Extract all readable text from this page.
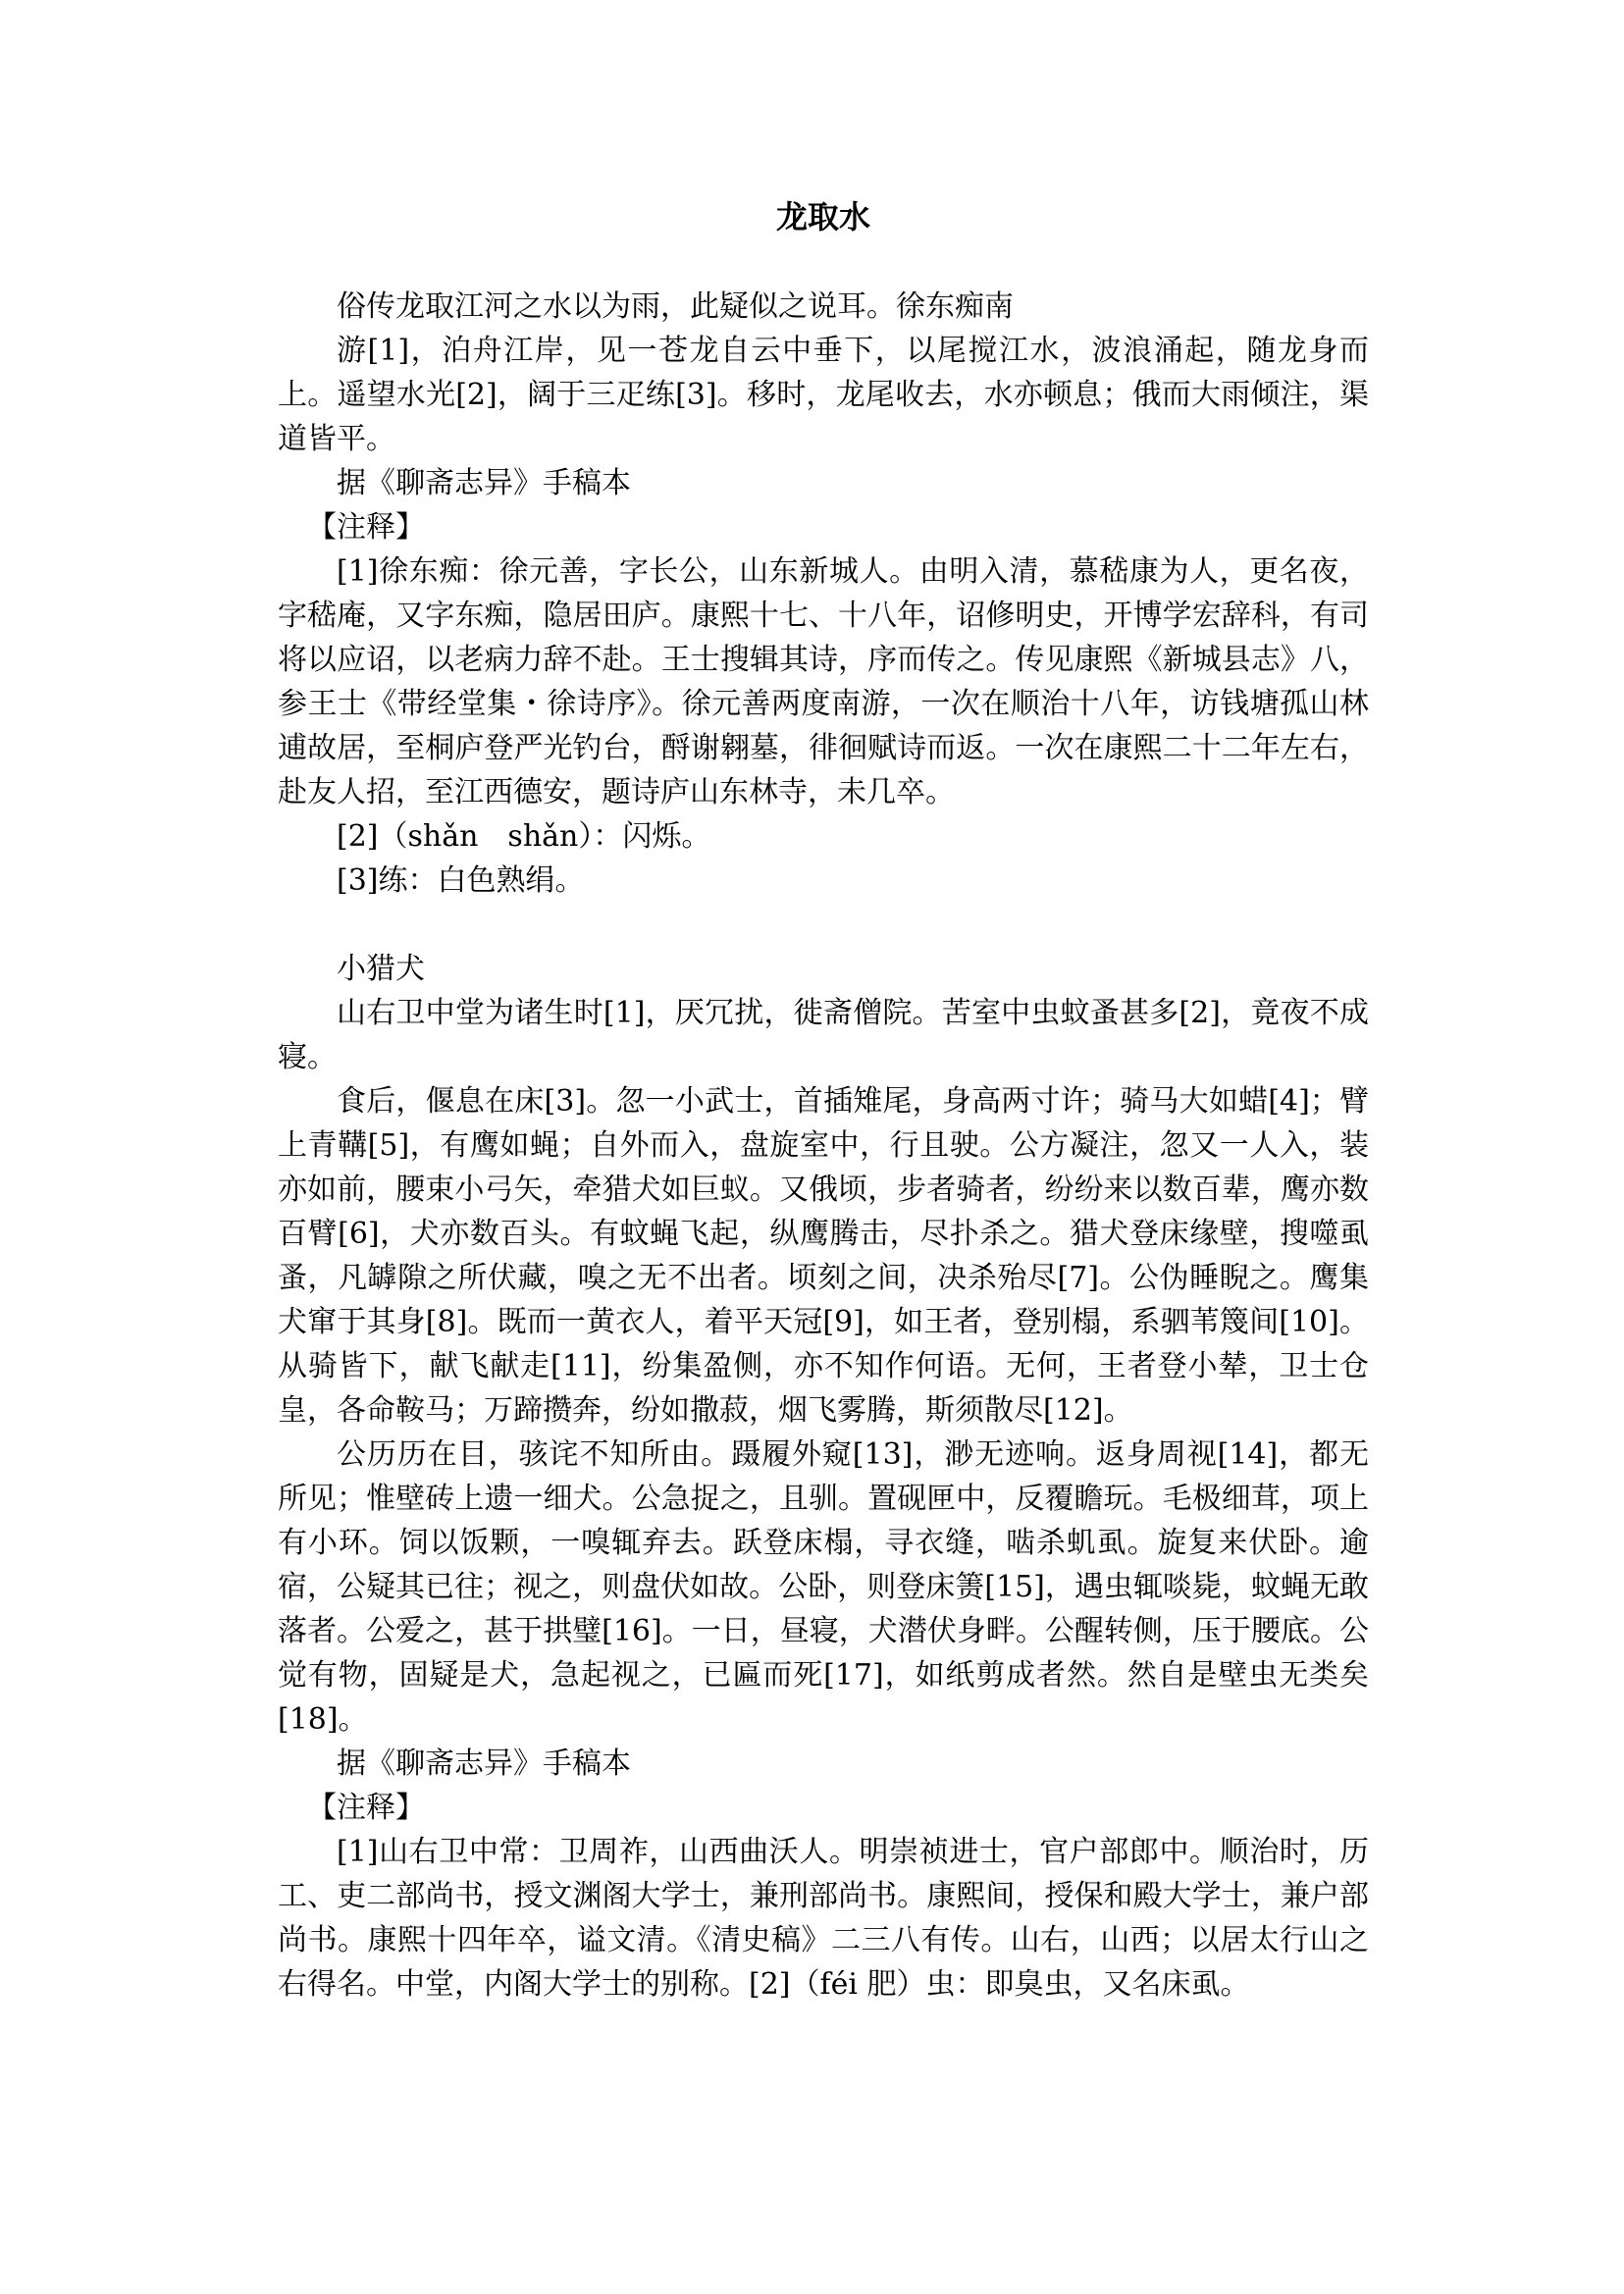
龙取水

俗传龙取江河之水以为雨，此疑似之说耳。徐东痴南

游[1]，泊舟江岸，见一苍龙自云中垂下，以尾搅江水，波浪涌起，随龙身而上。遥望水光[2]，阔于三疋练[3]。移时，龙尾收去，水亦顿息；俄而大雨倾注，渠道皆平。

据《聊斋志异》手稿本

【注释】

[1]徐东痴：徐元善，字长公，山东新城人。由明入清，慕嵇康为人，更名夜，字嵇庵，又字东痴，隐居田庐。康熙十七、十八年，诏修明史，开博学宏辞科，有司将以应诏，以老病力辞不赴。王士搜辑其诗，序而传之。传见康熙《新城县志》八，参王士《带经堂集・徐诗序》。徐元善两度南游，一次在顺治十八年，访钱塘孤山林逋故居，至桐庐登严光钓台，酹谢翱墓，徘徊赋诗而返。一次在康熙二十二年左右，赴友人招，至江西德安，题诗庐山东林寺，未几卒。

[2]（shǎn　shǎn）：闪烁。

[3]练：白色熟绢。

小猎犬

山右卫中堂为诸生时[1]，厌冗扰，徙斋僧院。苦室中虫蚊蚤甚多[2]，竟夜不成寝。

食后，偃息在床[3]。忽一小武士，首插雉尾，身高两寸许；骑马大如蜡[4]；臂上青鞲[5]，有鹰如蝇；自外而入，盘旋室中，行且驶。公方凝注，忽又一人入，装亦如前，腰束小弓矢，牵猎犬如巨蚁。又俄顷，步者骑者，纷纷来以数百辈，鹰亦数百臂[6]，犬亦数百头。有蚊蝇飞起，纵鹰腾击，尽扑杀之。猎犬登床缘壁，搜噬虱蚤，凡罅隙之所伏藏，嗅之无不出者。顷刻之间，决杀殆尽[7]。公伪睡睨之。鹰集犬窜于其身[8]。既而一黄衣人，着平天冠[9]，如王者，登别榻，系驷苇篾间[10]。从骑皆下，献飞献走[11]，纷集盈侧，亦不知作何语。无何，王者登小辇，卫士仓皇，各命鞍马；万蹄攒奔，纷如撒菽，烟飞雾腾，斯须散尽[12]。

公历历在目，骇诧不知所由。蹑履外窥[13]，渺无迹响。返身周视[14]，都无所见；惟壁砖上遗一细犬。公急捉之，且驯。置砚匣中，反覆瞻玩。毛极细茸，项上有小环。饲以饭颗，一嗅辄弃去。跃登床榻，寻衣缝，啮杀虮虱。旋复来伏卧。逾宿，公疑其已往；视之，则盘伏如故。公卧，则登床箦[15]，遇虫辄啖毙，蚊蝇无敢落者。公爱之，甚于拱璧[16]。一日，昼寝，犬潜伏身畔。公醒转侧，压于腰底。公觉有物，固疑是犬，急起视之，已匾而死[17]，如纸剪成者然。然自是壁虫无类矣[18]。

据《聊斋志异》手稿本

【注释】

[1]山右卫中常：卫周祚，山西曲沃人。明崇祯进士，官户部郎中。顺治时，历工、吏二部尚书，授文渊阁大学士，兼刑部尚书。康熙间，授保和殿大学士，兼户部尚书。康熙十四年卒，谥文清。《清史稿》二三八有传。山右，山西；以居太行山之右得名。中堂，内阁大学士的别称。[2]（féi 肥）虫：即臭虫，又名床虱。
